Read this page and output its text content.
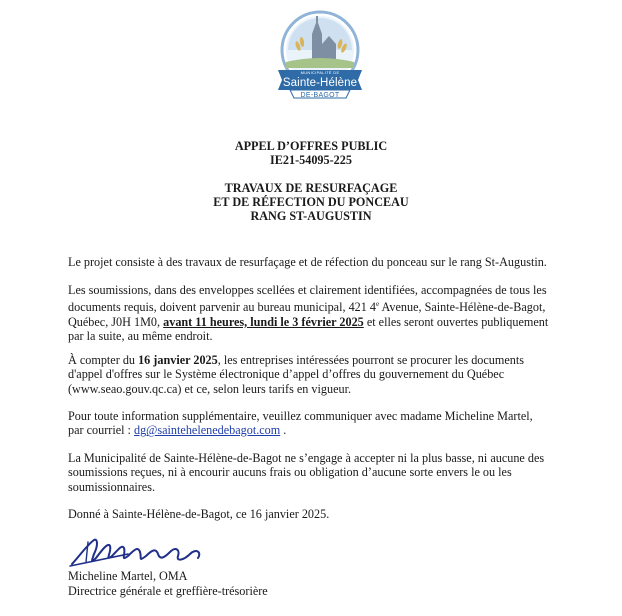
MUNICIPALITÉ DE
Sainte-Hélène
DE-BAGOT
APPEL D’OFFRES PUBLIC
IE21-54095-225
TRAVAUX DE RESURFAÇAGE
ET DE RÉFECTION DU PONCEAU
RANG ST-AUGUSTIN
Le projet consiste à des travaux de resurfaçage et de réfection du ponceau sur le rang St-Augustin.
Les soumissions, dans des enveloppes scellées et clairement identifiées, accompagnées de tous les
documents requis, doivent parvenir au bureau municipal, 421 4e Avenue, Sainte-Hélène-de-Bagot,
Québec, J0H 1M0, avant 11 heures, lundi le 3 février 2025 et elles seront ouvertes publiquement
par la suite, au même endroit.
À compter du 16 janvier 2025, les entreprises intéressées pourront se procurer les documents
d'appel d'offres sur le Système électronique d’appel d’offres du gouvernement du Québec
(www.seao.gouv.qc.ca) et ce, selon leurs tarifs en vigueur.
Pour toute information supplémentaire, veuillez communiquer avec madame Micheline Martel,
par courriel : dg@saintehelenedebagot.com .
La Municipalité de Sainte-Hélène-de-Bagot ne s’engage à accepter ni la plus basse, ni aucune des
soumissions reçues, ni à encourir aucuns frais ou obligation d’aucune sorte envers le ou les
soumissionnaires.
Donné à Sainte-Hélène-de-Bagot, ce 16 janvier 2025.
Micheline Martel, OMA
Directrice générale et greffière-trésorière
